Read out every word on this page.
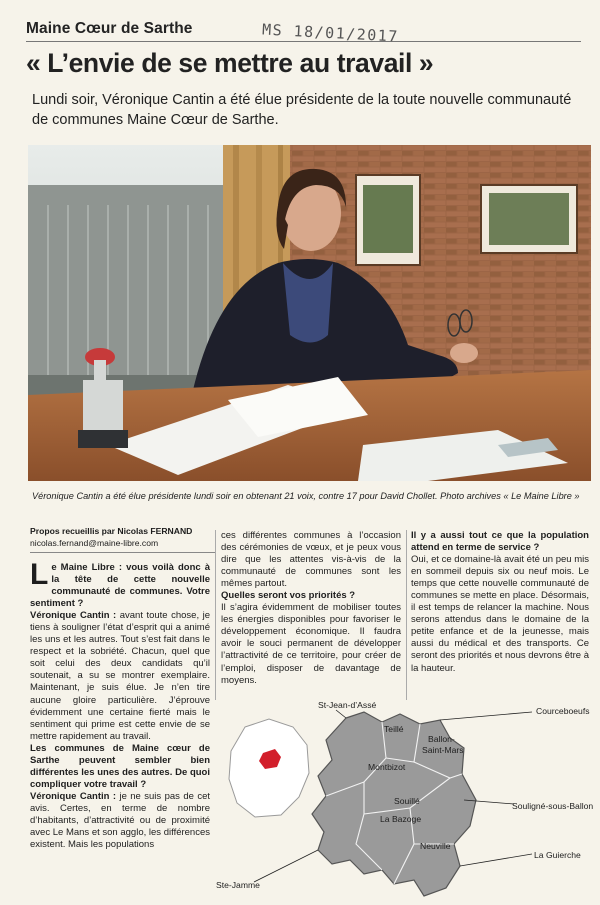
Maine Cœur de Sarthe	MS 18/01/2017
« L’envie de se mettre au travail »
Lundi soir, Véronique Cantin a été élue présidente de la toute nouvelle communauté de communes Maine Cœur de Sarthe.
Véronique Cantin a été élue présidente lundi soir en obtenant 21 voix, contre 17 pour David Chollet. Photo archives « Le Maine Libre »
Propos recueillis par Nicolas FERNAND
nicolas.fernand@maine-libre.com

Le Maine Libre : vous voilà donc à la tête de cette nouvelle communauté de communes. Votre sentiment ?

Véronique Cantin : avant toute chose, je tiens à souligner l’état d’esprit qui a animé les uns et les autres. Tout s’est fait dans le respect et la sobriété. Chacun, quel que soit celui des deux candidats qu’il soutenait, a su se montrer exemplaire. Maintenant, je suis élue. Je n’en tire aucune gloire particulière. J’éprouve évidemment une certaine fierté mais le sentiment qui prime est cette envie de se mettre rapidement au travail.

Les communes de Maine cœur de Sarthe peuvent sembler bien différentes les unes des autres. De quoi compliquer votre travail ?

Véronique Cantin : je ne suis pas de cet avis. Certes, en terme de nombre d’habitants, d’attractivité ou de proximité avec Le Mans et son agglo, les différences existent. Mais les populations

ces différentes communes à l’occasion des cérémonies de vœux, et je peux vous dire que les attentes vis-à-vis de la communauté de communes sont les mêmes partout.

Quelles seront vos priorités ?

Il s’agira évidemment de mobiliser toutes les énergies disponibles pour favoriser le développement économique. Il faudra avoir le souci permanent de développer l’attractivité de ce territoire, pour créer de l’emploi, disposer de davantage de moyens.

Il y a aussi tout ce que la population attend en terme de service ?

Oui, et ce domaine-là avait été un peu mis en sommeil depuis six ou neuf mois. Le temps que cette nouvelle communauté de communes se mette en place. Désormais, il est temps de relancer la machine. Nous serons attendus dans le domaine de la petite enfance et de la jeunesse, mais aussi du médical et des transports. Ce seront des priorités et nous devrons être à la hauteur.

St-Jean-d’Assé
Courceboeufs
Teillé
Ballon-
Saint-Mars
Montbizot
Souligné-sous-Ballon
Souillé
La Bazoge
Neuville
Ste-Jamme
La Guierche
